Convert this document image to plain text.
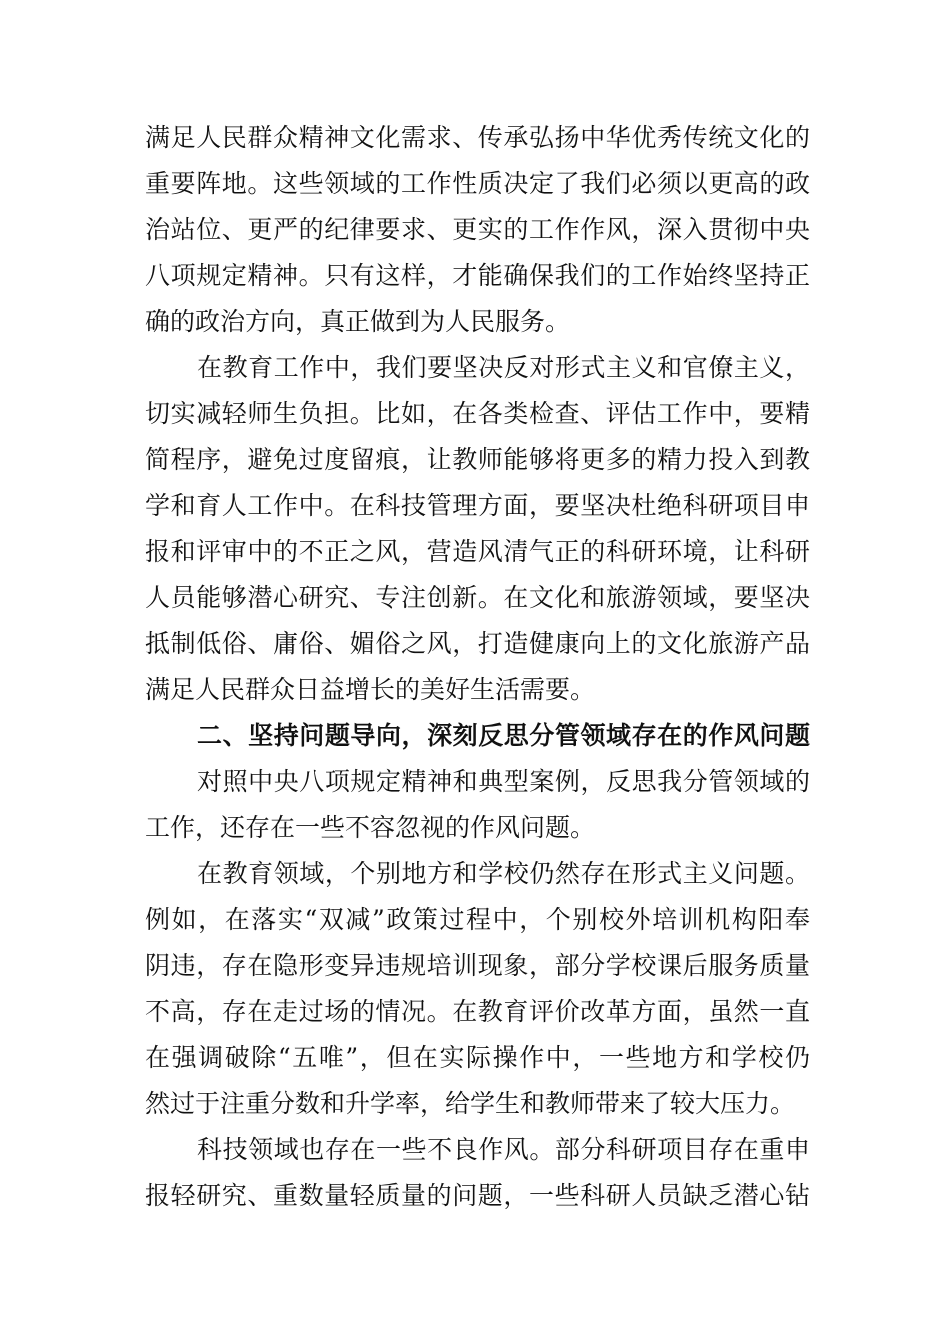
满足人民群众精神文化需求、传承弘扬中华优秀传统文化的
重要阵地。这些领域的工作性质决定了我们必须以更高的政
治站位、更严的纪律要求、更实的工作作风，深入贯彻中央
八项规定精神。只有这样，才能确保我们的工作始终坚持正
确的政治方向，真正做到为人民服务。
在教育工作中，我们要坚决反对形式主义和官僚主义，
切实减轻师生负担。比如，在各类检查、评估工作中，要精
简程序，避免过度留痕，让教师能够将更多的精力投入到教
学和育人工作中。在科技管理方面，要坚决杜绝科研项目申
报和评审中的不正之风，营造风清气正的科研环境，让科研
人员能够潜心研究、专注创新。在文化和旅游领域，要坚决
抵制低俗、庸俗、媚俗之风，打造健康向上的文化旅游产品
满足人民群众日益增长的美好生活需要。
二、坚持问题导向，深刻反思分管领域存在的作风问题
对照中央八项规定精神和典型案例，反思我分管领域的
工作，还存在一些不容忽视的作风问题。
在教育领域，个别地方和学校仍然存在形式主义问题。
例如，在落实“双减”政策过程中，个别校外培训机构阳奉
阴违，存在隐形变异违规培训现象，部分学校课后服务质量
不高，存在走过场的情况。在教育评价改革方面，虽然一直
在强调破除“五唯”，但在实际操作中，一些地方和学校仍
然过于注重分数和升学率，给学生和教师带来了较大压力。
科技领域也存在一些不良作风。部分科研项目存在重申
报轻研究、重数量轻质量的问题，一些科研人员缺乏潜心钻
